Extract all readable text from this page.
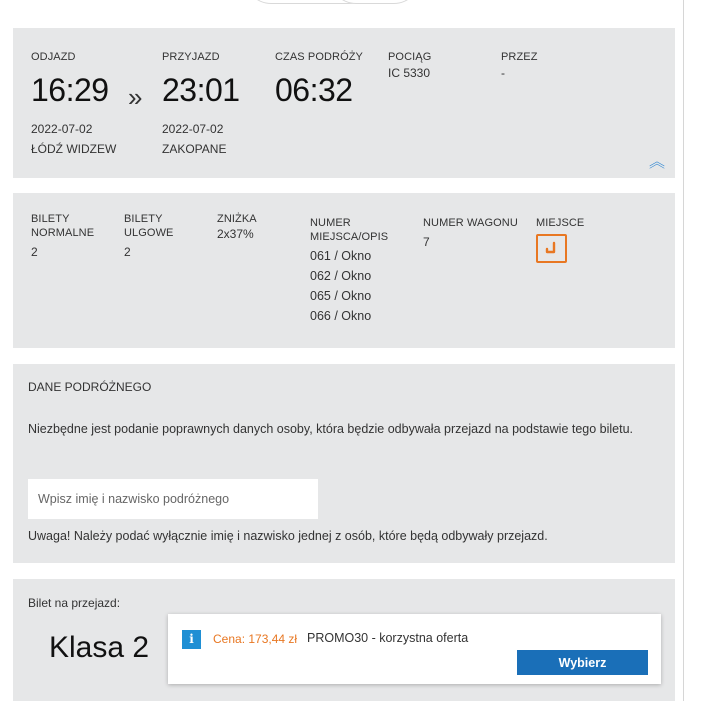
ODJAZD
16:29
2022-07-02
ŁÓDŹ WIDZEW
»
PRZYJAZD
23:01
2022-07-02
ZAKOPANE
CZAS PODRÓŻY
06:32
POCIĄG
IC 5330
PRZEZ
-
︽
BILETY
NORMALNE
2
BILETY
ULGOWE
2
ZNIŻKA
2x37%
NUMER
MIEJSCA/OPIS
061 / Okno
062 / Okno
065 / Okno
066 / Okno
NUMER WAGONU
7
MIEJSCE
DANE PODRÓŻNEGO
Niezbędne jest podanie poprawnych danych osoby, która będzie odbywała przejazd na podstawie tego biletu.
Wpisz imię i nazwisko podróżnego
Uwaga! Należy podać wyłącznie imię i nazwisko jednej z osób, które będą odbywały przejazd.
Bilet na przejazd:
Klasa 2	i	Cena: 173,44 zł PROMO30 - korzystna oferta
Wybierz
